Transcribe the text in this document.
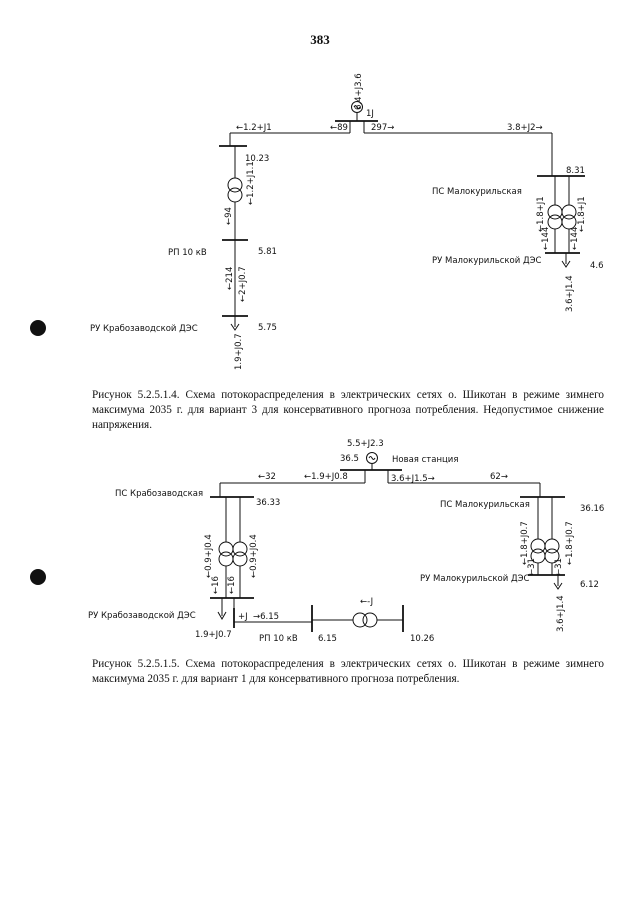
383
6.4+J3.6
1J
←1.2+J1	←89	297→	3.8+J2→
10.23
←1.2+J1.1
←94
РП 10 кВ	5.81
←214 ←2+J0.7
РУ Крабозаводской ДЭС	5.75
1.9+J0.7
8.31
ПС Малокурильская
←1.8+J1
←144 ←144
←1.8+J1
РУ Малокурильской ДЭС	4.6
3.6+J1.4
5.5+J2.3
36.5	Новая станция
←32	←1.9+J0.8	3.6+J1.5→	62→
ПС Крабозаводская
36.33
←0.9+J0.4
←16 ←16
←0.9+J0.4
РУ Крабозаводской ДЭС
1.9+J0.7
+J →6.15
РП 10 кВ 6.15
←-J
10.26
ПС Малокурильская	36.16
←1.8+J0.7
←31 ←31
←1.8+J0.7
РУ Малокурильской ДЭС
6.12
3.6+J1.4
Рисунок 5.2.5.1.4. Схема потокораспределения в электрических сетях о. Шикотан в режиме зимнего максимума 2035 г. для вариант 3 для консервативного прогноза потребления. Недопустимое снижение напряжения.
Рисунок 5.2.5.1.5. Схема потокораспределения в электрических сетях о. Шикотан в режиме зимнего максимума 2035 г. для вариант 1 для консервативного прогноза потребления.
